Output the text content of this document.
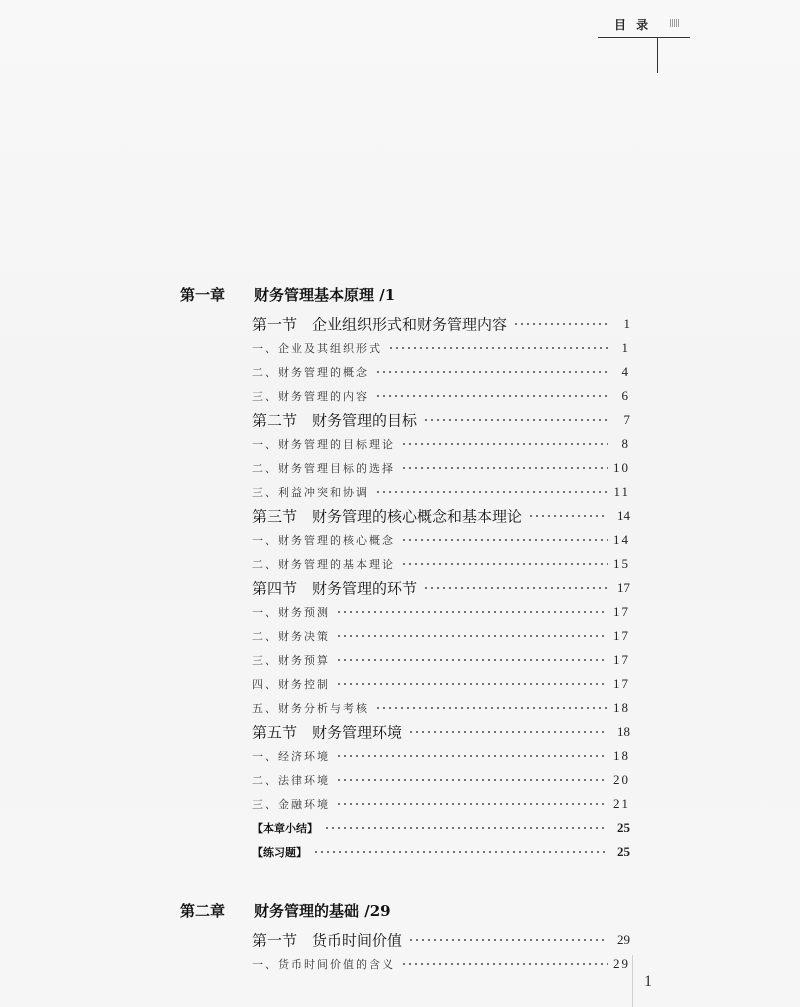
目 录
第一章 财务管理基本原理 /1
第一节　企业组织形式和财务管理内容	1
一、企业及其组织形式	1
二、财务管理的概念	4
三、财务管理的内容	6
第二节　财务管理的目标	7
一、财务管理的目标理论	8
二、财务管理目标的选择	10
三、利益冲突和协调	11
第三节　财务管理的核心概念和基本理论	14
一、财务管理的核心概念	14
二、财务管理的基本理论	15
第四节　财务管理的环节	17
一、财务预测	17
二、财务决策	17
三、财务预算	17
四、财务控制	17
五、财务分析与考核	18
第五节　财务管理环境	18
一、经济环境	18
二、法律环境	20
三、金融环境	21
【本章小结】	25
【练习题】	25
第二章 财务管理的基础 /29
第一节　货币时间价值	29
一、货币时间价值的含义	29
1
